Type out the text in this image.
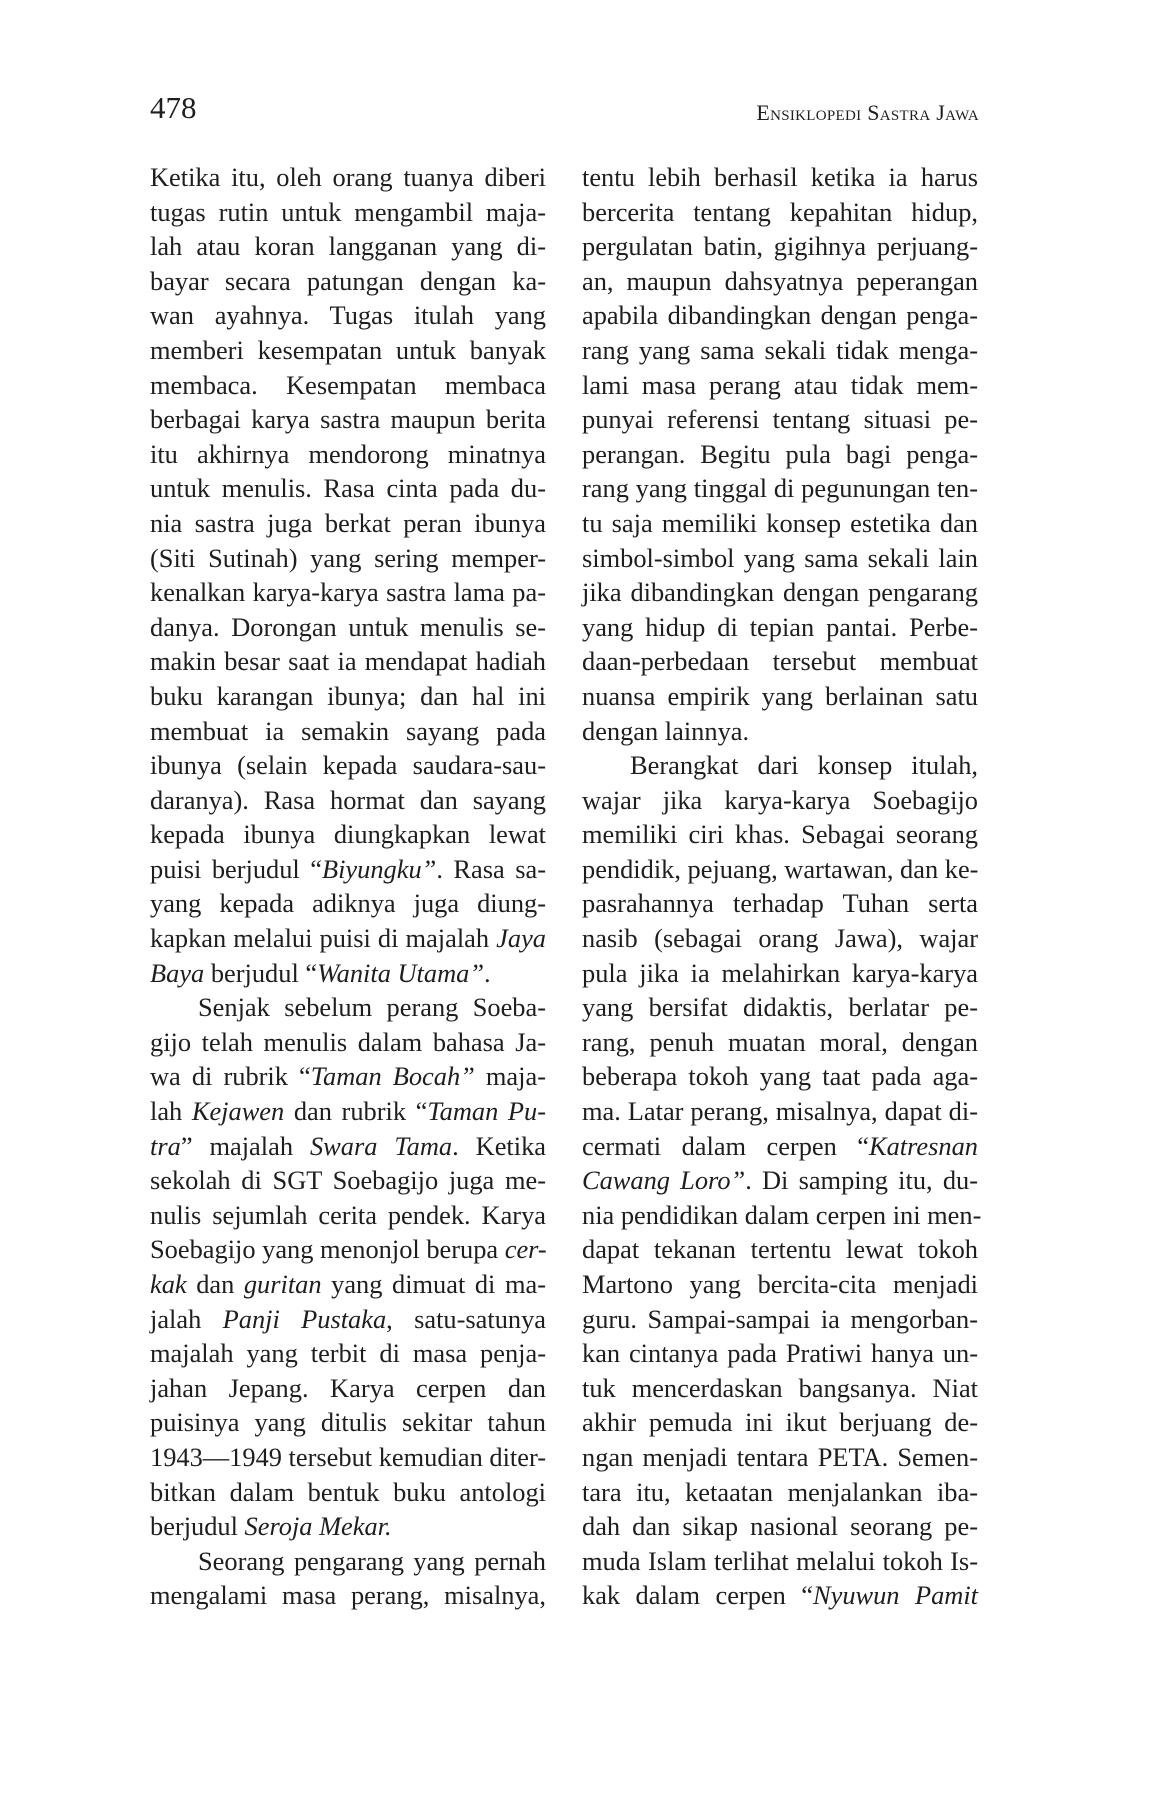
478	ENSIKLOPEDI SASTRA JAWA
Ketika itu, oleh orang tuanya diberi
tugas rutin untuk mengambil maja-
lah atau koran langganan yang di-
bayar secara patungan dengan ka-
wan ayahnya. Tugas itulah yang
memberi kesempatan untuk banyak
membaca. Kesempatan membaca
berbagai karya sastra maupun berita
itu akhirnya mendorong minatnya
untuk menulis. Rasa cinta pada du-
nia sastra juga berkat peran ibunya
(Siti Sutinah) yang sering memper-
kenalkan karya-karya sastra lama pa-
danya. Dorongan untuk menulis se-
makin besar saat ia mendapat hadiah
buku karangan ibunya; dan hal ini
membuat ia semakin sayang pada
ibunya (selain kepada saudara-sau-
daranya). Rasa hormat dan sayang
kepada ibunya diungkapkan lewat
puisi berjudul “Biyungku”. Rasa sa-
yang kepada adiknya juga diung-
kapkan melalui puisi di majalah Jaya
Baya berjudul “Wanita Utama”.
Senjak sebelum perang Soeba-
gijo telah menulis dalam bahasa Ja-
wa di rubrik “Taman Bocah” maja-
lah Kejawen dan rubrik “Taman Pu-
tra” majalah Swara Tama. Ketika
sekolah di SGT Soebagijo juga me-
nulis sejumlah cerita pendek. Karya
Soebagijo yang menonjol berupa cer-
kak dan guritan yang dimuat di ma-
jalah Panji Pustaka, satu-satunya
majalah yang terbit di masa penja-
jahan Jepang. Karya cerpen dan
puisinya yang ditulis sekitar tahun
1943—1949 tersebut kemudian diter-
bitkan dalam bentuk buku antologi
berjudul Seroja Mekar.
Seorang pengarang yang pernah
mengalami masa perang, misalnya,
tentu lebih berhasil ketika ia harus
bercerita tentang kepahitan hidup,
pergulatan batin, gigihnya perjuang-
an, maupun dahsyatnya peperangan
apabila dibandingkan dengan penga-
rang yang sama sekali tidak menga-
lami masa perang atau tidak mem-
punyai referensi tentang situasi pe-
perangan. Begitu pula bagi penga-
rang yang tinggal di pegunungan ten-
tu saja memiliki konsep estetika dan
simbol-simbol yang sama sekali lain
jika dibandingkan dengan pengarang
yang hidup di tepian pantai. Perbe-
daan-perbedaan tersebut membuat
nuansa empirik yang berlainan satu
dengan lainnya.
Berangkat dari konsep itulah,
wajar jika karya-karya Soebagijo
memiliki ciri khas. Sebagai seorang
pendidik, pejuang, wartawan, dan ke-
pasrahannya terhadap Tuhan serta
nasib (sebagai orang Jawa), wajar
pula jika ia melahirkan karya-karya
yang bersifat didaktis, berlatar pe-
rang, penuh muatan moral, dengan
beberapa tokoh yang taat pada aga-
ma. Latar perang, misalnya, dapat di-
cermati dalam cerpen “Katresnan
Cawang Loro”. Di samping itu, du-
nia pendidikan dalam cerpen ini men-
dapat tekanan tertentu lewat tokoh
Martono yang bercita-cita menjadi
guru. Sampai-sampai ia mengorban-
kan cintanya pada Pratiwi hanya un-
tuk mencerdaskan bangsanya. Niat
akhir pemuda ini ikut berjuang de-
ngan menjadi tentara PETA. Semen-
tara itu, ketaatan menjalankan iba-
dah dan sikap nasional seorang pe-
muda Islam terlihat melalui tokoh Is-
kak dalam cerpen “Nyuwun Pamit
